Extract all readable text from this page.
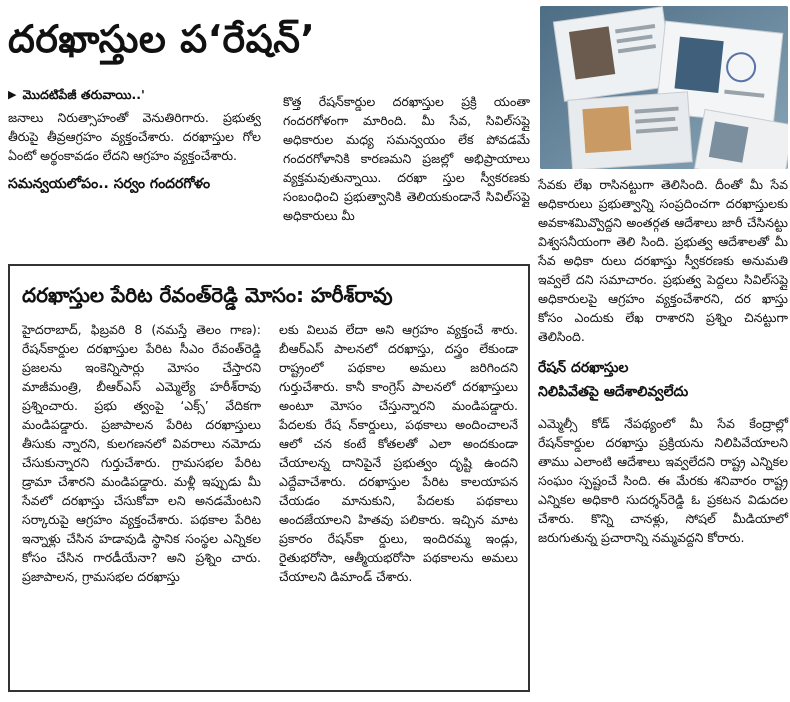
దరఖాస్తుల ప‘రేషన్’
▶ మొదటిపేజీ తరువాయి..'

జనాలు నిరుత్సాహంతో వెనుతిరిగారు. ప్రభుత్వ తీరుపై తీవ్రఆగ్రహం వ్యక్తంచేశారు. దరఖాస్తుల గోల ఏంటో అర్థంకావడం లేదని ఆగ్రహం వ్యక్తంచేశారు.

సమన్వయలోపం.. సర్వం గందరగోళం

కొత్త రేషన్‌కార్డుల దరఖాస్తుల ప్రక్రి యంతా గందరగోళంగా మారింది. మీ సేవ, సివిల్‌సప్లై అధికారుల మధ్య సమన్వయం లేక పోవడమే గందరగోళానికి కారణమని ప్రజల్లో అభిప్రాయాలు వ్యక్తమవుతున్నాయి. దరఖా స్తుల స్వీకరణకు సంబంధించి ప్రభుత్వానికి తెలియకుండానే సివిల్‌సప్లై అధికారులు మీ

సేవకు లేఖ రాసినట్టుగా తెలిసింది. దీంతో మీ సేవ అధికారులు ప్రభుత్వాన్ని సంప్రదించగా దరఖాస్తులకు అవకాశమివ్వొద్దని అంతర్గత ఆదేశాలు జారీ చేసినట్టు విశ్వసనీయంగా తెలి సింది. ప్రభుత్వ ఆదేశాలతో మీ సేవ అధికా రులు దరఖాస్తు స్వీకరణకు అనుమతి ఇవ్వలే దని సమాచారం. ప్రభుత్వ పెద్దలు సివిల్‌సప్లై అధికారులపై ఆగ్రహం వ్యక్తంచేశారని, దర ఖాస్తు కోసం ఎందుకు లేఖ రాశారని ప్రశ్నిం చినట్టుగా తెలిసింది.

రేషన్ దరఖాస్తుల
నిలిపివేతపై ఆదేశాలివ్వలేదు

ఎమ్మెల్సీ కోడ్ నేపథ్యంలో మీ సేవ కేంద్రాల్లో రేషన్‌కార్డుల దరఖాస్తు ప్రక్రియను నిలిపివేయాలని తాము ఎలాంటి ఆదేశాలు ఇవ్వలేదని రాష్ట్ర ఎన్నికల సంఘం స్పష్టంచే సింది. ఈ మేరకు శనివారం రాష్ట్ర ఎన్నికల అధికారి సుదర్శన్‌రెడ్డి ఓ ప్రకటన విడుదల చేశారు. కొన్ని చానళ్లు, సోషల్ మీడియాలో జరుగుతున్న ప్రచారాన్ని నమ్మవద్దని కోరారు.

దరఖాస్తుల పేరిట రేవంత్‌రెడ్డి మోసం: హరీశ్‌రావు

హైదరాబాద్, ఫిబ్రవరి 8 (నమస్తే తెలం గాణ): రేషన్‌కార్డుల దరఖాస్తుల పేరిట సీఎం రేవంత్‌రెడ్డి ప్రజలను ఇంకెన్నిసార్లు మోసం చేస్తారని మాజీమంత్రి, బీఆర్ఎస్ ఎమ్మెల్యే హరీశ్‌రావు ప్రశ్నించారు. ప్రభు త్వంపై ‘ఎక్స్’ వేదికగా మండిపడ్డారు. ప్రజాపాలన పేరిట దరఖాస్తులు తీసుకు న్నారని, కులగణనలో వివరాలు నమోదు చేసుకున్నారని గుర్తుచేశారు. గ్రామసభల పేరిట డ్రామా చేశారని మండిపడ్డారు. మళ్లీ ఇప్పుడు మీ సేవలో దరఖాస్తు చేసుకోవా లని అనడమేంటని సర్కారుపై ఆగ్రహం వ్యక్తంచేశారు. పథకాల పేరిట ఇన్నాళ్లు చేసిన హడావుడి స్థానిక సంస్థల ఎన్నికల కోసం చేసిన గారడీయేనా? అని ప్రశ్నిం చారు. ప్రజాపాలన, గ్రామసభల దరఖాస్తు

లకు విలువ లేదా అని ఆగ్రహం వ్యక్తంచే శారు. బీఆర్ఎస్ పాలనలో దరఖాస్తు, దస్త్రం లేకుండా రాష్ట్రంలో పథకాల అమలు జరిగిందని గుర్తుచేశారు. కానీ కాంగ్రెస్ పాలనలో దరఖాస్తులు అంటూ మోసం చేస్తున్నారని మండిపడ్డారు. పేదలకు రేష న్‌కార్డులు, పథకాలు అందించాలనే ఆలో చన కంటే కోతలతో ఎలా అందకుండా చేయాలన్న దానిపైనే ప్రభుత్వం దృష్టి ఉందని ఎద్దేవాచేశారు. దరఖాస్తుల పేరిట కాలయాపన చేయడం మానుకుని, పేదలకు పథకాలు అందజేయాలని హితవు పలికారు. ఇచ్చిన మాట ప్రకారం రేషన్‌కా ర్డులు, ఇందిరమ్మ ఇండ్లు, రైతుభరోసా, ఆత్మీయభరోసా పథకాలను అమలు చేయాలని డిమాండ్ చేశారు.
